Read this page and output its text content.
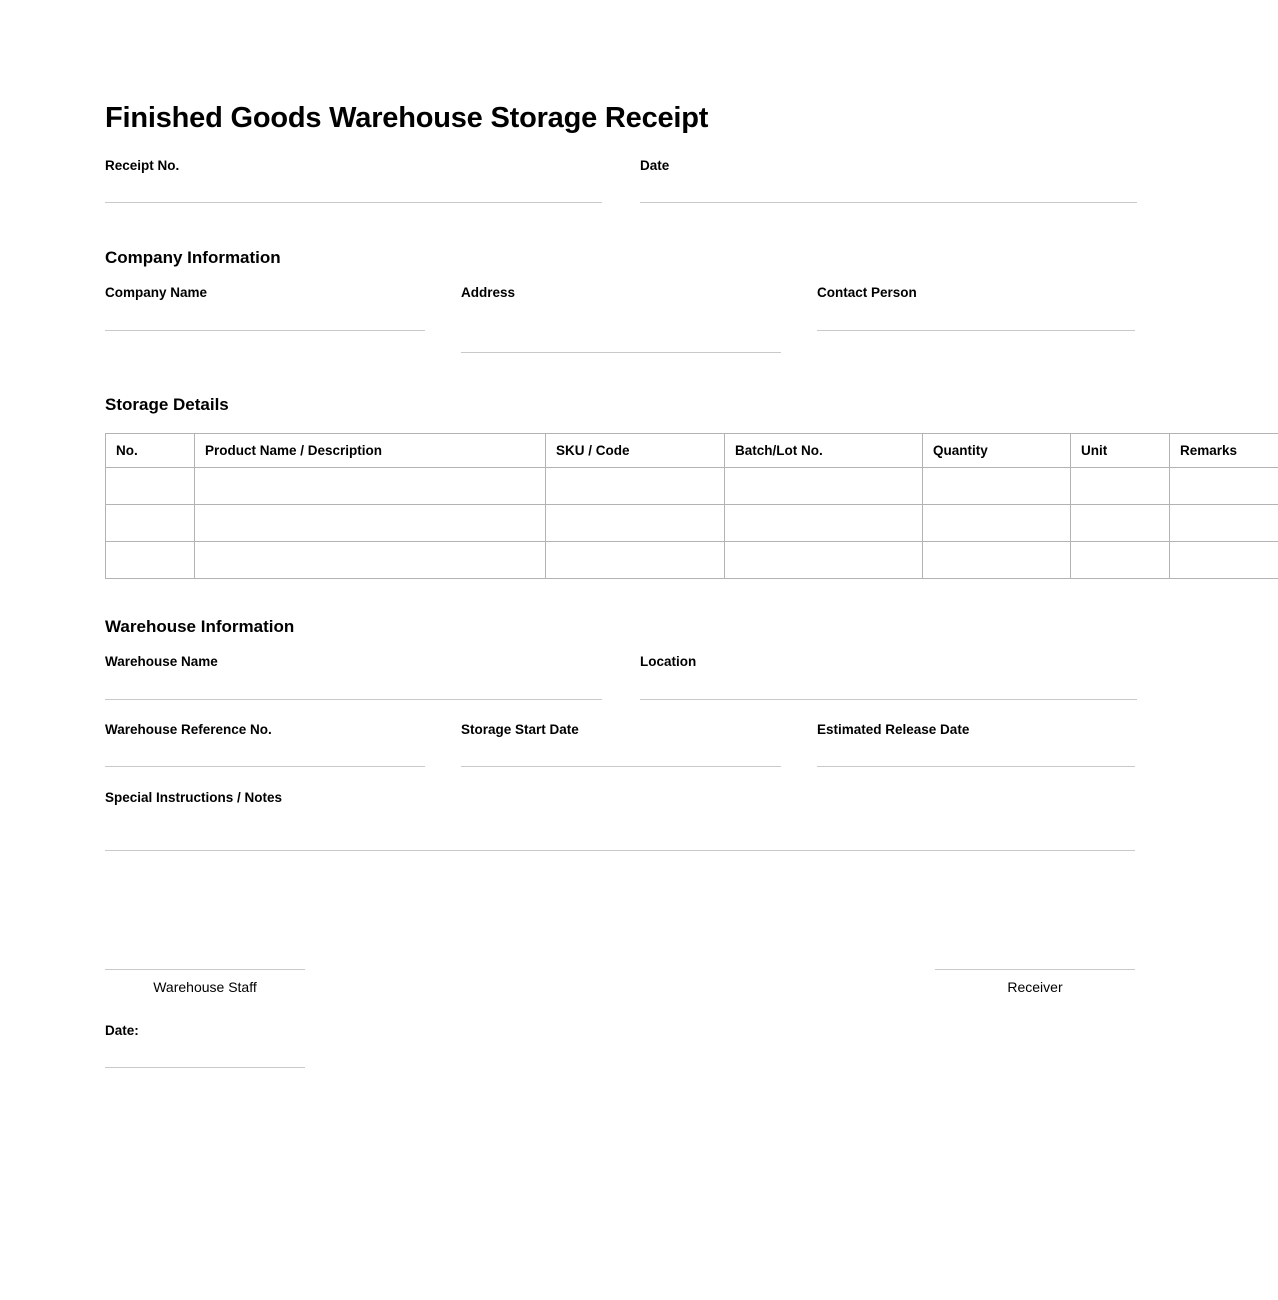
Finished Goods Warehouse Storage Receipt
Receipt No.	Date
Company Information
Company Name	Address	Contact Person
Storage Details
No.	Product Name / Description	SKU / Code	Batch/Lot No.	Quantity	Unit	Remarks

Warehouse Information
Warehouse Name	Location
Warehouse Reference No.	Storage Start Date	Estimated Release Date
Special Instructions / Notes
Warehouse Staff	Receiver
Date:
